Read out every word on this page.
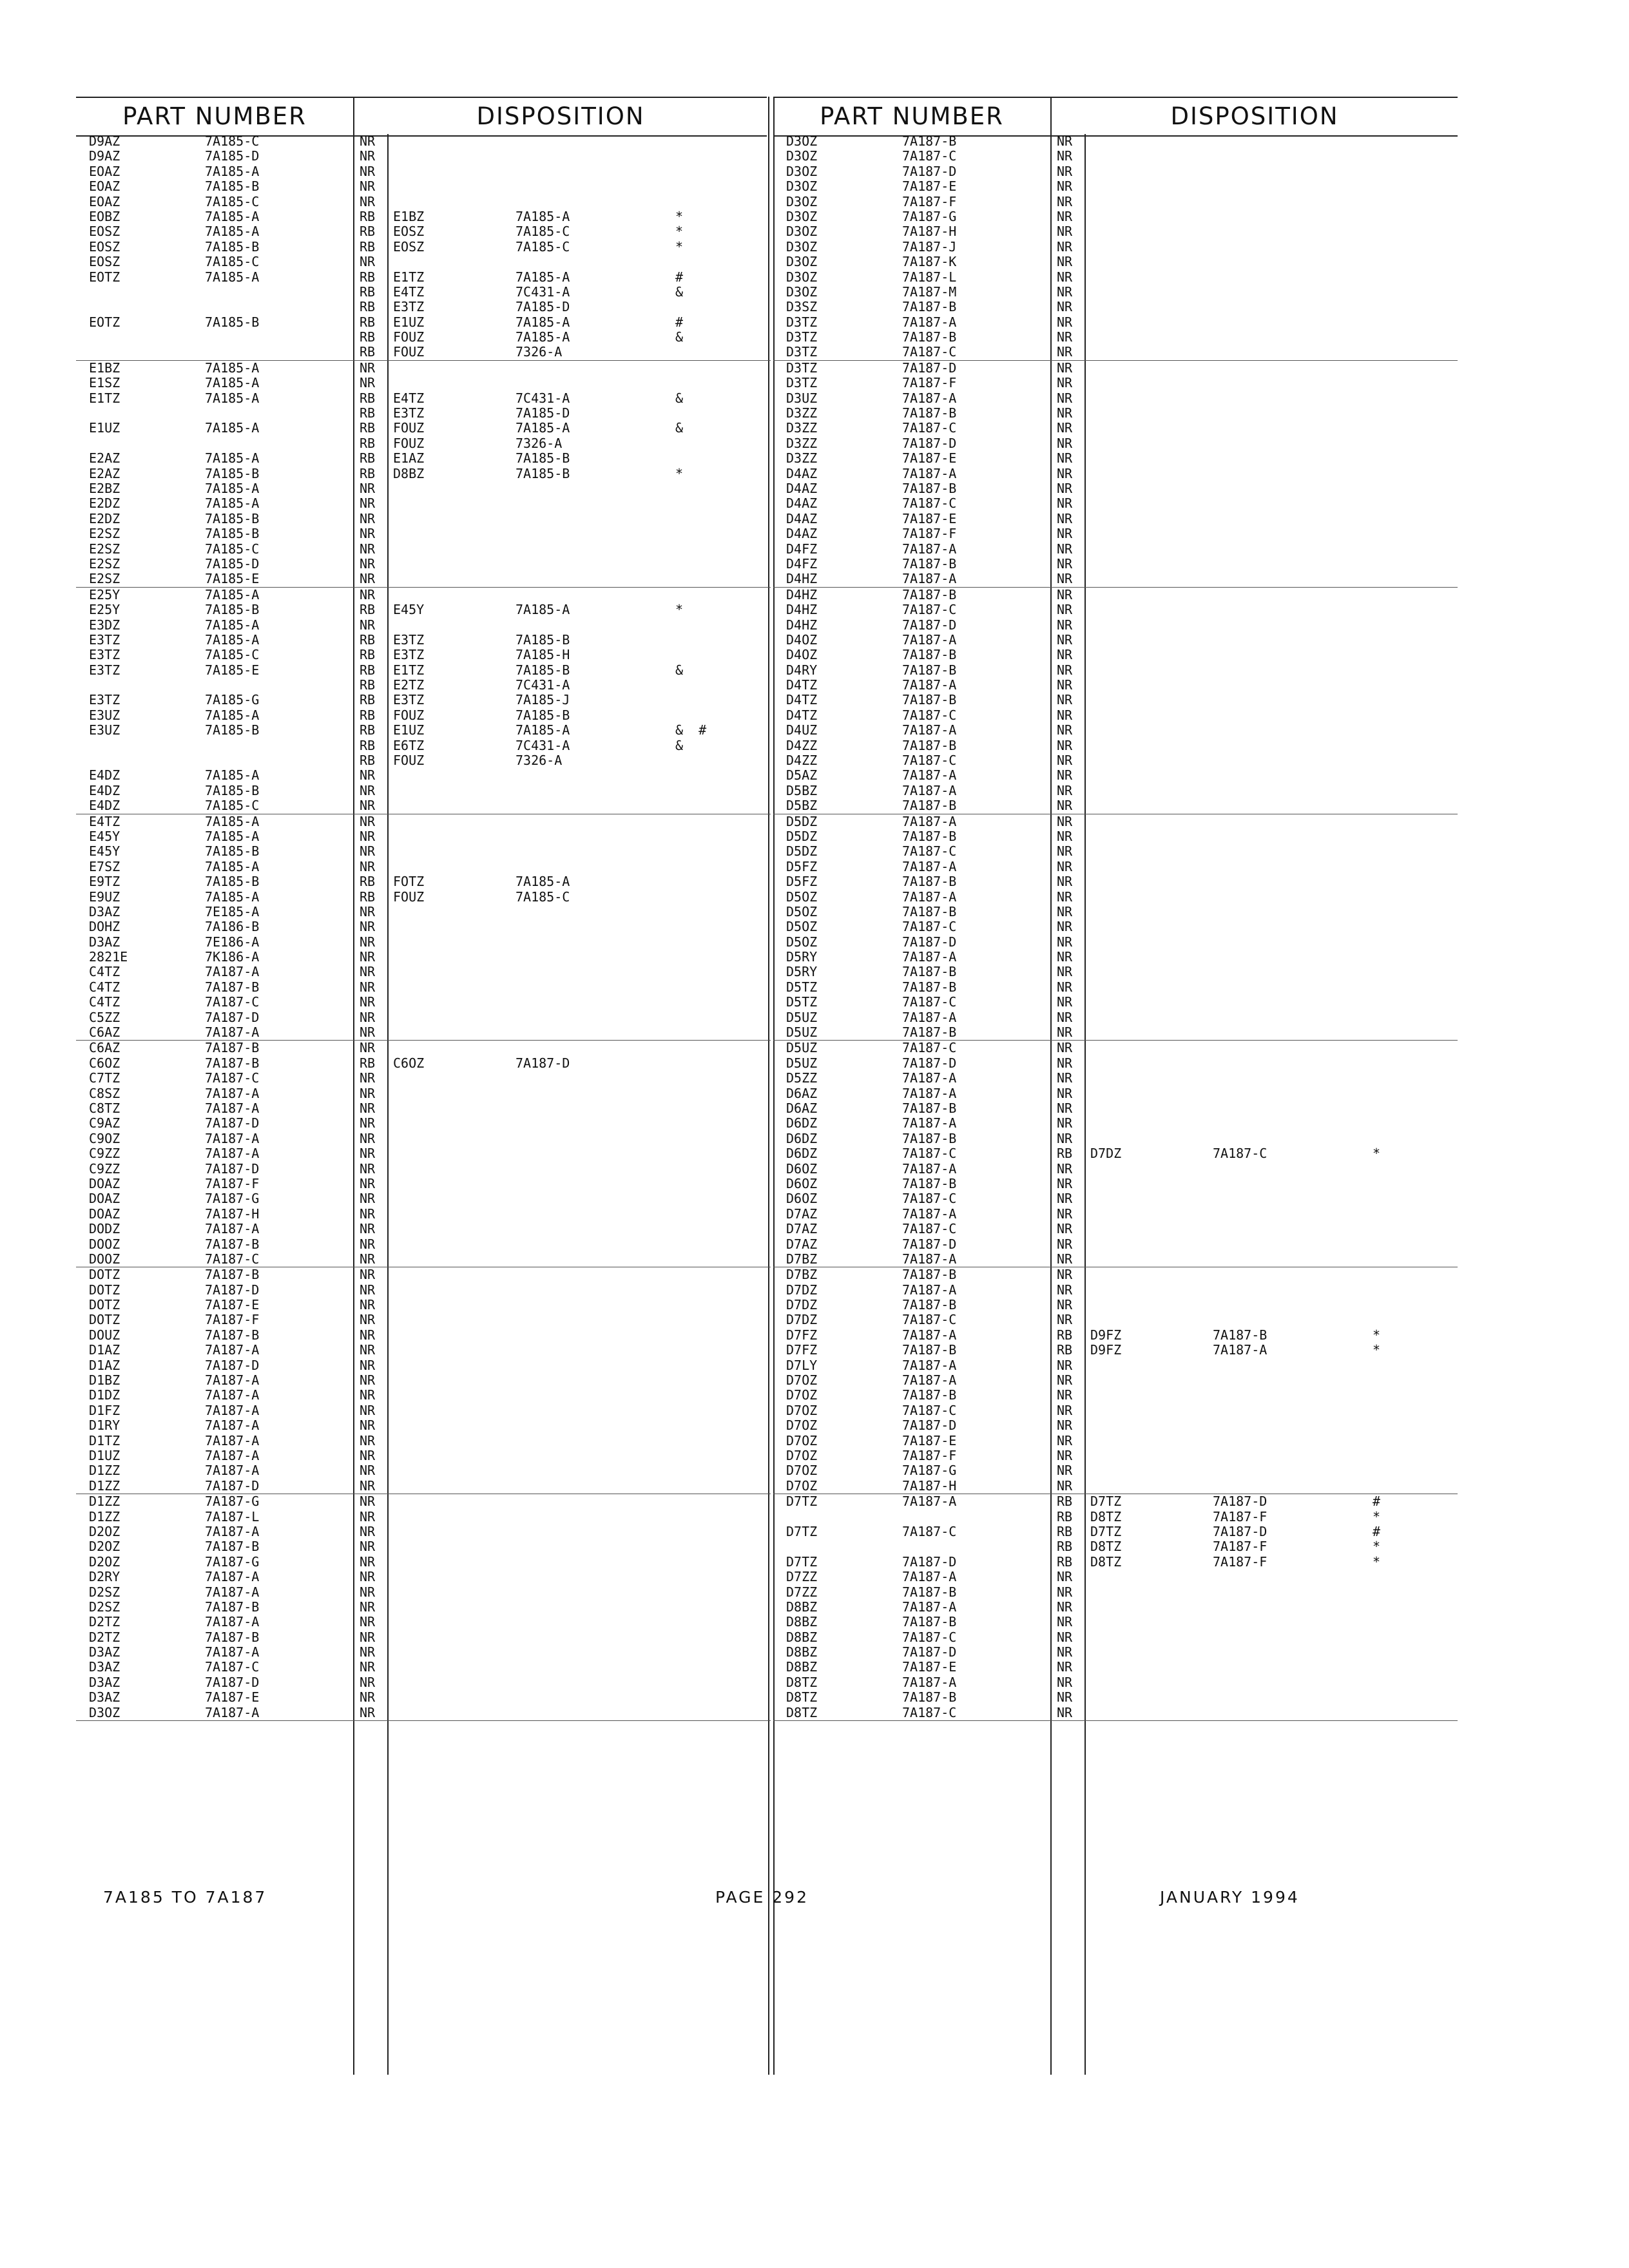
PART NUMBER	DISPOSITION
D9AZ	7A185-C	NR
D9AZ	7A185-D	NR
EOAZ	7A185-A	NR
EOAZ	7A185-B	NR
EOAZ	7A185-C	NR
EOBZ	7A185-A	RB E1BZ	7A185-A	*
EOSZ	7A185-A	RB EOSZ	7A185-C	*
EOSZ	7A185-B	RB EOSZ	7A185-C	*
EOSZ	7A185-C	NR
EOTZ	7A185-A	RB E1TZ	7A185-A	#
RB E4TZ	7C431-A	&
RB E3TZ	7A185-D
EOTZ	7A185-B	RB E1UZ	7A185-A	#
RB FOUZ	7A185-A	&
RB FOUZ	7326-A
E1BZ	7A185-A	NR
E1SZ	7A185-A	NR
E1TZ	7A185-A	RB E4TZ	7C431-A	&
RB E3TZ	7A185-D
E1UZ	7A185-A	RB FOUZ	7A185-A	&
RB FOUZ	7326-A
E2AZ	7A185-A	RB E1AZ	7A185-B
E2AZ	7A185-B	RB D8BZ	7A185-B	*
E2BZ	7A185-A	NR
E2DZ	7A185-A	NR
E2DZ	7A185-B	NR
E2SZ	7A185-B	NR
E2SZ	7A185-C	NR
E2SZ	7A185-D	NR
E2SZ	7A185-E	NR
E25Y	7A185-A	NR
E25Y	7A185-B	RB E45Y	7A185-A	*
E3DZ	7A185-A	NR
E3TZ	7A185-A	RB E3TZ	7A185-B
E3TZ	7A185-C	RB E3TZ	7A185-H
E3TZ	7A185-E	RB E1TZ	7A185-B	&
RB E2TZ	7C431-A
E3TZ	7A185-G	RB E3TZ	7A185-J
E3UZ	7A185-A	RB FOUZ	7A185-B
E3UZ	7A185-B	RB E1UZ	7A185-A	&  #
RB E6TZ	7C431-A	&
RB FOUZ	7326-A
E4DZ	7A185-A	NR
E4DZ	7A185-B	NR
E4DZ	7A185-C	NR
E4TZ	7A185-A	NR
E45Y	7A185-A	NR
E45Y	7A185-B	NR
E7SZ	7A185-A	NR
E9TZ	7A185-B	RB FOTZ	7A185-A
E9UZ	7A185-A	RB FOUZ	7A185-C
D3AZ	7E185-A	NR
DOHZ	7A186-B	NR
D3AZ	7E186-A	NR
2821E	7K186-A	NR
C4TZ	7A187-A	NR
C4TZ	7A187-B	NR
C4TZ	7A187-C	NR
C5ZZ	7A187-D	NR
C6AZ	7A187-A	NR
C6AZ	7A187-B	NR
C6OZ	7A187-B	RB C6OZ	7A187-D
C7TZ	7A187-C	NR
C8SZ	7A187-A	NR
C8TZ	7A187-A	NR
C9AZ	7A187-D	NR
C9OZ	7A187-A	NR
C9ZZ	7A187-A	NR
C9ZZ	7A187-D	NR
DOAZ	7A187-F	NR
DOAZ	7A187-G	NR
DOAZ	7A187-H	NR
DODZ	7A187-A	NR
DOOZ	7A187-B	NR
DOOZ	7A187-C	NR
DOTZ	7A187-B	NR
DOTZ	7A187-D	NR
DOTZ	7A187-E	NR
DOTZ	7A187-F	NR
DOUZ	7A187-B	NR
D1AZ	7A187-A	NR
D1AZ	7A187-D	NR
D1BZ	7A187-A	NR
D1DZ	7A187-A	NR
D1FZ	7A187-A	NR
D1RY	7A187-A	NR
D1TZ	7A187-A	NR
D1UZ	7A187-A	NR
D1ZZ	7A187-A	NR
D1ZZ	7A187-D	NR
D1ZZ	7A187-G	NR
D1ZZ	7A187-L	NR
D2OZ	7A187-A	NR
D2OZ	7A187-B	NR
D2OZ	7A187-G	NR
D2RY	7A187-A	NR
D2SZ	7A187-A	NR
D2SZ	7A187-B	NR
D2TZ	7A187-A	NR
D2TZ	7A187-B	NR
D3AZ	7A187-A	NR
D3AZ	7A187-C	NR
D3AZ	7A187-D	NR
D3AZ	7A187-E	NR
D3OZ	7A187-A	NR
PART NUMBER	DISPOSITION
D3OZ	7A187-B	NR
D3OZ	7A187-C	NR
D3OZ	7A187-D	NR
D3OZ	7A187-E	NR
D3OZ	7A187-F	NR
D3OZ	7A187-G	NR
D3OZ	7A187-H	NR
D3OZ	7A187-J	NR
D3OZ	7A187-K	NR
D3OZ	7A187-L	NR
D3OZ	7A187-M	NR
D3SZ	7A187-B	NR
D3TZ	7A187-A	NR
D3TZ	7A187-B	NR
D3TZ	7A187-C	NR
D3TZ	7A187-D	NR
D3TZ	7A187-F	NR
D3UZ	7A187-A	NR
D3ZZ	7A187-B	NR
D3ZZ	7A187-C	NR
D3ZZ	7A187-D	NR
D3ZZ	7A187-E	NR
D4AZ	7A187-A	NR
D4AZ	7A187-B	NR
D4AZ	7A187-C	NR
D4AZ	7A187-E	NR
D4AZ	7A187-F	NR
D4FZ	7A187-A	NR
D4FZ	7A187-B	NR
D4HZ	7A187-A	NR
D4HZ	7A187-B	NR
D4HZ	7A187-C	NR
D4HZ	7A187-D	NR
D4OZ	7A187-A	NR
D4OZ	7A187-B	NR
D4RY	7A187-B	NR
D4TZ	7A187-A	NR
D4TZ	7A187-B	NR
D4TZ	7A187-C	NR
D4UZ	7A187-A	NR
D4ZZ	7A187-B	NR
D4ZZ	7A187-C	NR
D5AZ	7A187-A	NR
D5BZ	7A187-A	NR
D5BZ	7A187-B	NR
D5DZ	7A187-A	NR
D5DZ	7A187-B	NR
D5DZ	7A187-C	NR
D5FZ	7A187-A	NR
D5FZ	7A187-B	NR
D5OZ	7A187-A	NR
D5OZ	7A187-B	NR
D5OZ	7A187-C	NR
D5OZ	7A187-D	NR
D5RY	7A187-A	NR
D5RY	7A187-B	NR
D5TZ	7A187-B	NR
D5TZ	7A187-C	NR
D5UZ	7A187-A	NR
D5UZ	7A187-B	NR
D5UZ	7A187-C	NR
D5UZ	7A187-D	NR
D5ZZ	7A187-A	NR
D6AZ	7A187-A	NR
D6AZ	7A187-B	NR
D6DZ	7A187-A	NR
D6DZ	7A187-B	NR
D6DZ	7A187-C	RB D7DZ	7A187-C	*
D6OZ	7A187-A	NR
D6OZ	7A187-B	NR
D6OZ	7A187-C	NR
D7AZ	7A187-A	NR
D7AZ	7A187-C	NR
D7AZ	7A187-D	NR
D7BZ	7A187-A	NR
D7BZ	7A187-B	NR
D7DZ	7A187-A	NR
D7DZ	7A187-B	NR
D7DZ	7A187-C	NR
D7FZ	7A187-A	RB D9FZ	7A187-B	*
D7FZ	7A187-B	RB D9FZ	7A187-A	*
D7LY	7A187-A	NR
D7OZ	7A187-A	NR
D7OZ	7A187-B	NR
D7OZ	7A187-C	NR
D7OZ	7A187-D	NR
D7OZ	7A187-E	NR
D7OZ	7A187-F	NR
D7OZ	7A187-G	NR
D7OZ	7A187-H	NR
D7TZ	7A187-A	RB D7TZ	7A187-D	#
RB D8TZ	7A187-F	*
D7TZ	7A187-C	RB D7TZ	7A187-D	#
RB D8TZ	7A187-F	*
D7TZ	7A187-D	RB D8TZ	7A187-F	*
D7ZZ	7A187-A	NR
D7ZZ	7A187-B	NR
D8BZ	7A187-A	NR
D8BZ	7A187-B	NR
D8BZ	7A187-C	NR
D8BZ	7A187-D	NR
D8BZ	7A187-E	NR
D8TZ	7A187-A	NR
D8TZ	7A187-B	NR
D8TZ	7A187-C	NR
7A185 TO 7A187	PAGE 292	JANUARY 1994
